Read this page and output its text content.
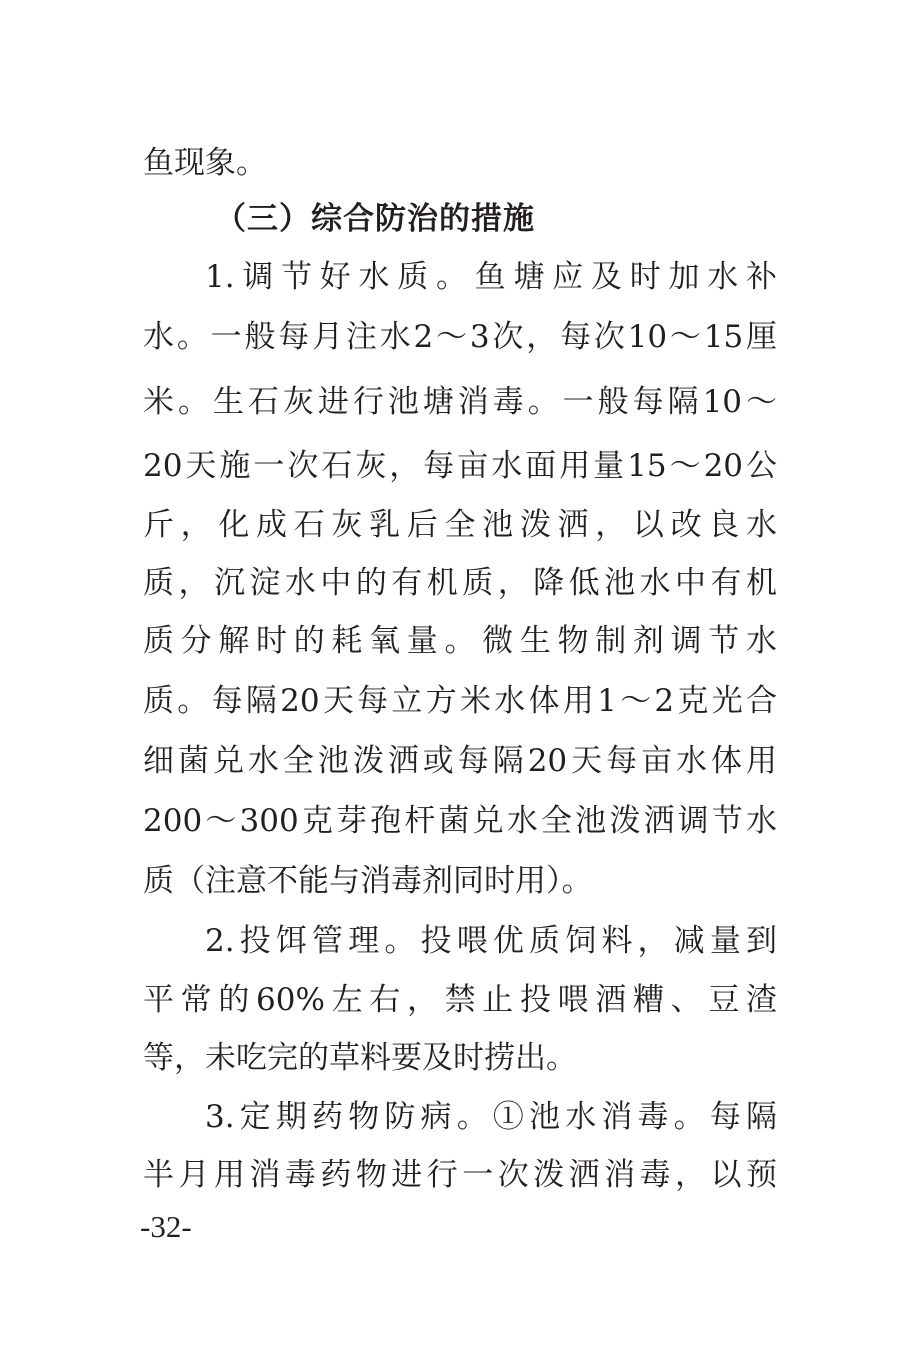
鱼现象。
（三）综合防治的措施
1.调节好水质。鱼塘应及时加水补
水。一般每月注水2～3次，每次10～15厘
米。生石灰进行池塘消毒。一般每隔10～
20天施一次石灰，每亩水面用量15～20公
斤，化成石灰乳后全池泼洒，以改良水
质，沉淀水中的有机质，降低池水中有机
质分解时的耗氧量。微生物制剂调节水
质。每隔20天每立方米水体用1～2克光合
细菌兑水全池泼洒或每隔20天每亩水体用
200～300克芽孢杆菌兑水全池泼洒调节水
质（注意不能与消毒剂同时用）。
2.投饵管理。投喂优质饲料，减量到
平常的60%左右，禁止投喂酒糟、豆渣
等，未吃完的草料要及时捞出。
3.定期药物防病。①池水消毒。每隔
半月用消毒药物进行一次泼洒消毒，以预
-32-
